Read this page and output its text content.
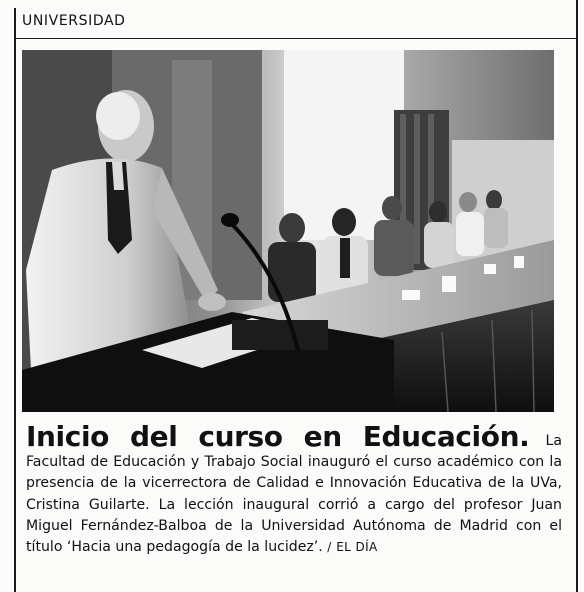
UNIVERSIDAD
Inicio del curso en Educación. La Facultad de Educación y Trabajo Social inauguró el curso académico con la presencia de la vicerrectora de Calidad e Innovación Educativa de la UVa, Cristina Guilarte. La lección inaugural corrió a cargo del profesor Juan Miguel Fernández-Balboa de la Universidad Autónoma de Madrid con el título ‘Hacia una pedagogía de la lucidez’. / EL DÍA
